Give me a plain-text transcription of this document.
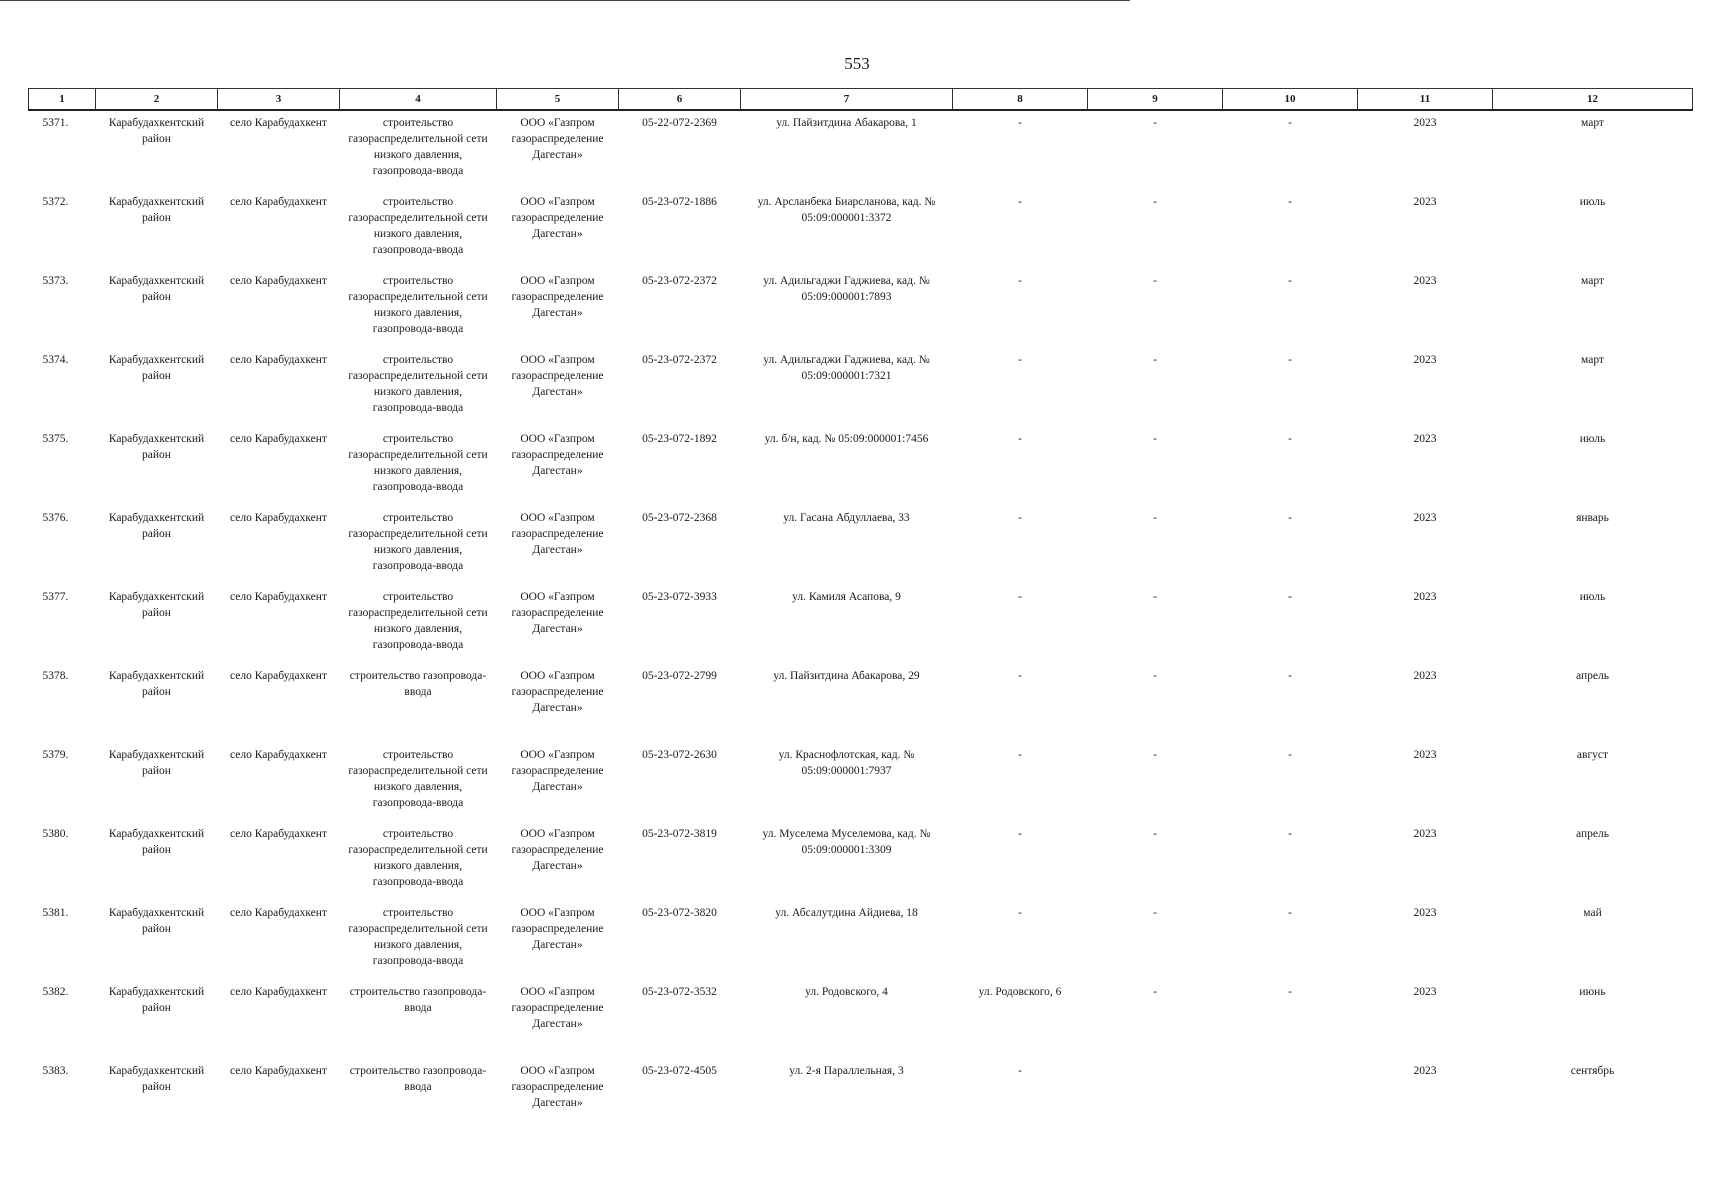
553
1	2	3	4	5	6	7	8	9	10	11	12
5371.	Карабудахкентский район	село Карабудахкент	строительство газораспределительной сети низкого давления, газопровода-ввода	ООО «Газпром газораспределение Дагестан»	05-22-072-2369	ул. Пайзитдина Абакарова, 1	-	-	-	2023	март
5372.	Карабудахкентский район	село Карабудахкент	строительство газораспределительной сети низкого давления, газопровода-ввода	ООО «Газпром газораспределение Дагестан»	05-23-072-1886	ул. Арсланбека Биарсланова, кад. № 05:09:000001:3372	-	-	-	2023	июль
5373.	Карабудахкентский район	село Карабудахкент	строительство газораспределительной сети низкого давления, газопровода-ввода	ООО «Газпром газораспределение Дагестан»	05-23-072-2372	ул. Адильгаджи Гаджиева, кад. № 05:09:000001:7893	-	-	-	2023	март
5374.	Карабудахкентский район	село Карабудахкент	строительство газораспределительной сети низкого давления, газопровода-ввода	ООО «Газпром газораспределение Дагестан»	05-23-072-2372	ул. Адильгаджи Гаджиева, кад. № 05:09:000001:7321	-	-	-	2023	март
5375.	Карабудахкентский район	село Карабудахкент	строительство газораспределительной сети низкого давления, газопровода-ввода	ООО «Газпром газораспределение Дагестан»	05-23-072-1892	ул. б/н, кад. № 05:09:000001:7456	-	-	-	2023	июль
5376.	Карабудахкентский район	село Карабудахкент	строительство газораспределительной сети низкого давления, газопровода-ввода	ООО «Газпром газораспределение Дагестан»	05-23-072-2368	ул. Гасана Абдуллаева, 33	-	-	-	2023	январь
5377.	Карабудахкентский район	село Карабудахкент	строительство газораспределительной сети низкого давления, газопровода-ввода	ООО «Газпром газораспределение Дагестан»	05-23-072-3933	ул. Камиля Асапова, 9	-	-	-	2023	июль
5378.	Карабудахкентский район	село Карабудахкент	строительство газопровода-ввода	ООО «Газпром газораспределение Дагестан»	05-23-072-2799	ул. Пайзитдина Абакарова, 29	-	-	-	2023	апрель
5379.	Карабудахкентский район	село Карабудахкент	строительство газораспределительной сети низкого давления, газопровода-ввода	ООО «Газпром газораспределение Дагестан»	05-23-072-2630	ул. Краснофлотская, кад. № 05:09:000001:7937	-	-	-	2023	август
5380.	Карабудахкентский район	село Карабудахкент	строительство газораспределительной сети низкого давления, газопровода-ввода	ООО «Газпром газораспределение Дагестан»	05-23-072-3819	ул. Муселема Муселемова, кад. № 05:09:000001:3309	-	-	-	2023	апрель
5381.	Карабудахкентский район	село Карабудахкент	строительство газораспределительной сети низкого давления, газопровода-ввода	ООО «Газпром газораспределение Дагестан»	05-23-072-3820	ул. Абсалутдина Айдиева, 18	-	-	-	2023	май
5382.	Карабудахкентский район	село Карабудахкент	строительство газопровода-ввода	ООО «Газпром газораспределение Дагестан»	05-23-072-3532	ул. Родовского, 4	ул. Родовского, 6	-	-	2023	июнь
5383.	Карабудахкентский район	село Карабудахкент	строительство газопровода-ввода	ООО «Газпром газораспределение Дагестан»	05-23-072-4505	ул. 2-я Параллельная, 3	-			2023	сентябрь
